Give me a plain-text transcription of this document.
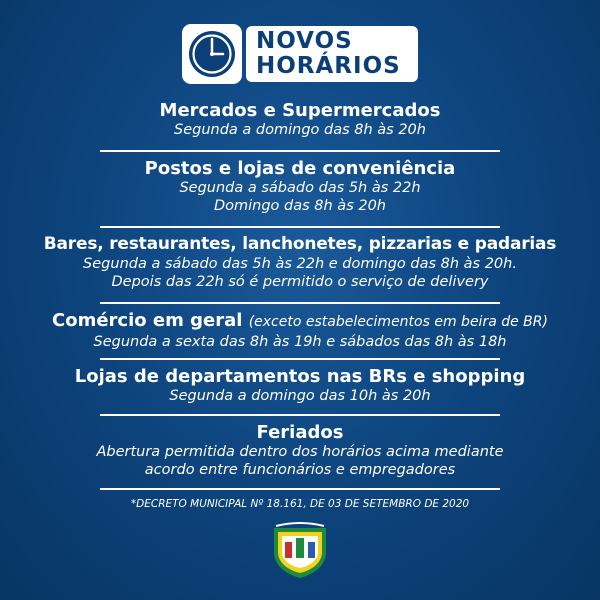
NOVOS
HORÁRIOS
Mercados e Supermercados
Segunda a domingo das 8h às 20h
Postos e lojas de conveniência
Segunda a sábado das 5h às 22h
Domingo das 8h às 20h
Bares, restaurantes, lanchonetes, pizzarias e padarias
Segunda a sábado das 5h às 22h e domingo das 8h às 20h.
Depois das 22h só é permitido o serviço de delivery
Comércio em geral (exceto estabelecimentos em beira de BR)
Segunda a sexta das 8h às 19h e sábados das 8h às 18h
Lojas de departamentos nas BRs e shopping
Segunda a domingo das 10h às 20h
Feriados
Abertura permitida dentro dos horários acima mediante
acordo entre funcionários e empregadores
*DECRETO MUNICIPAL Nº 18.161, DE 03 DE SETEMBRO DE 2020
